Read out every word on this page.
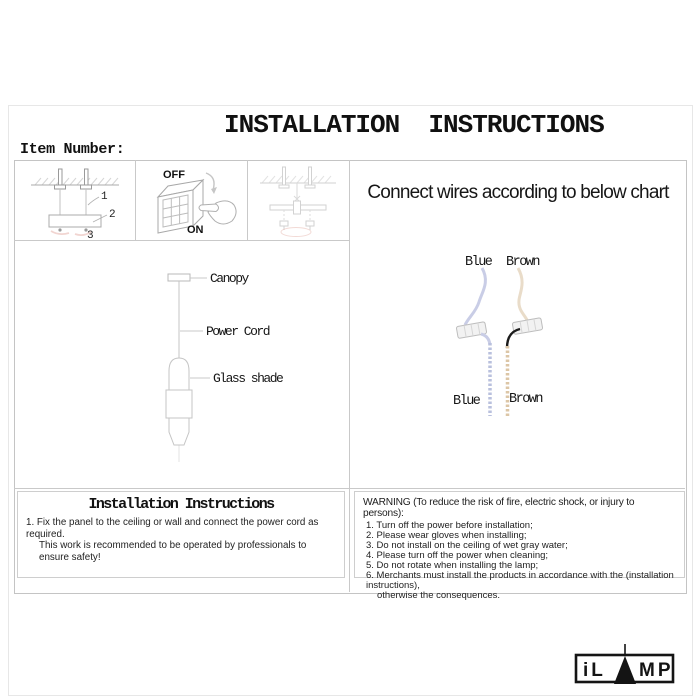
INSTALLATION  INSTRUCTIONS
Item Number:
1
2
3
OFF
ON
Canopy
Power Cord
Glass shade
Connect wires according to below chart
Blue Brown
Blue Brown
Installation Instructions
1. Fix the panel to the ceiling or wall and connect the power cord as required.
This work is recommended to be operated by professionals to ensure safety!
WARNING (To reduce the risk of fire, electric shock, or injury to persons):
1. Turn off the power before installation;
2. Please wear gloves when installing;
3. Do not install on the ceiling of wet gray water;
4. Please turn off the power when cleaning;
5. Do not rotate when installing the lamp;
6. Merchants must install the products in accordance with the (installation instructions),
otherwise the consequences.
iL MP
